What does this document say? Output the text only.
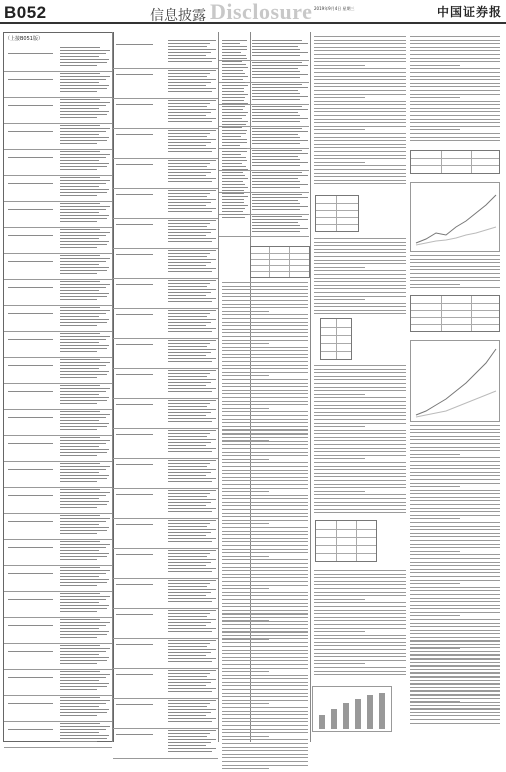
B052	信息披露 Disclosure 2019年9月4日 星期三	中国证券报
（上接B051版）
